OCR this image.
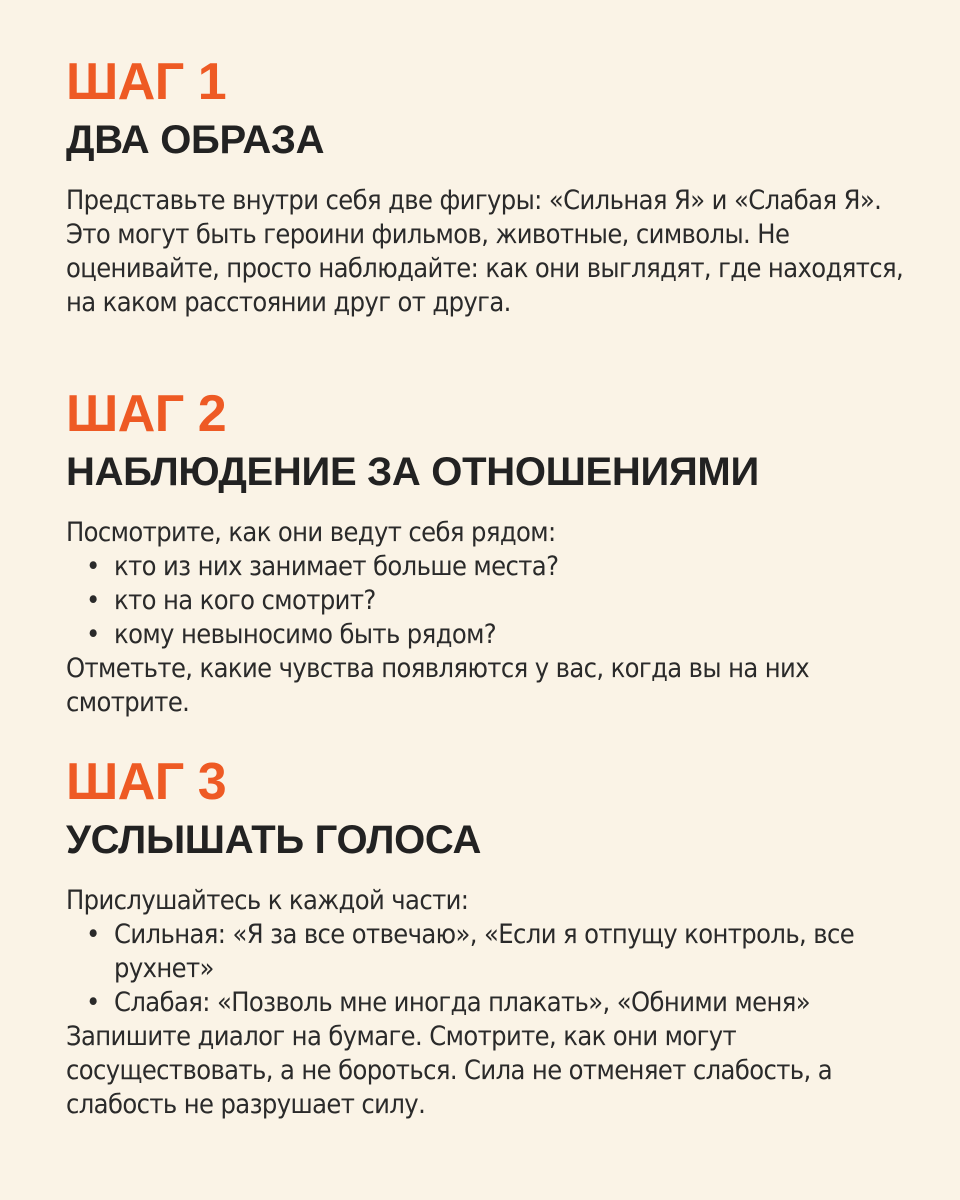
ШАГ 1
ДВА ОБРАЗА

Представьте внутри себя две фигуры: «Сильная Я» и «Слабая Я». Это могут быть героини фильмов, животные, символы. Не оценивайте, просто наблюдайте: как они выглядят, где находятся, на каком расстоянии друг от друга.

ШАГ 2
НАБЛЮДЕНИЕ ЗА ОТНОШЕНИЯМИ

Посмотрите, как они ведут себя рядом:

• кто из них занимает больше места?
• кто на кого смотрит?
• кому невыносимо быть рядом?

Отметьте, какие чувства появляются у вас, когда вы на них смотрите.

ШАГ 3
УСЛЫШАТЬ ГОЛОСА

Прислушайтесь к каждой части:

• Сильная: «Я за все отвечаю», «Если я отпущу контроль, все рухнет»
• Слабая: «Позволь мне иногда плакать», «Обними меня»

Запишите диалог на бумаге. Смотрите, как они могут сосуществовать, а не бороться. Сила не отменяет слабость, а слабость не разрушает силу.
